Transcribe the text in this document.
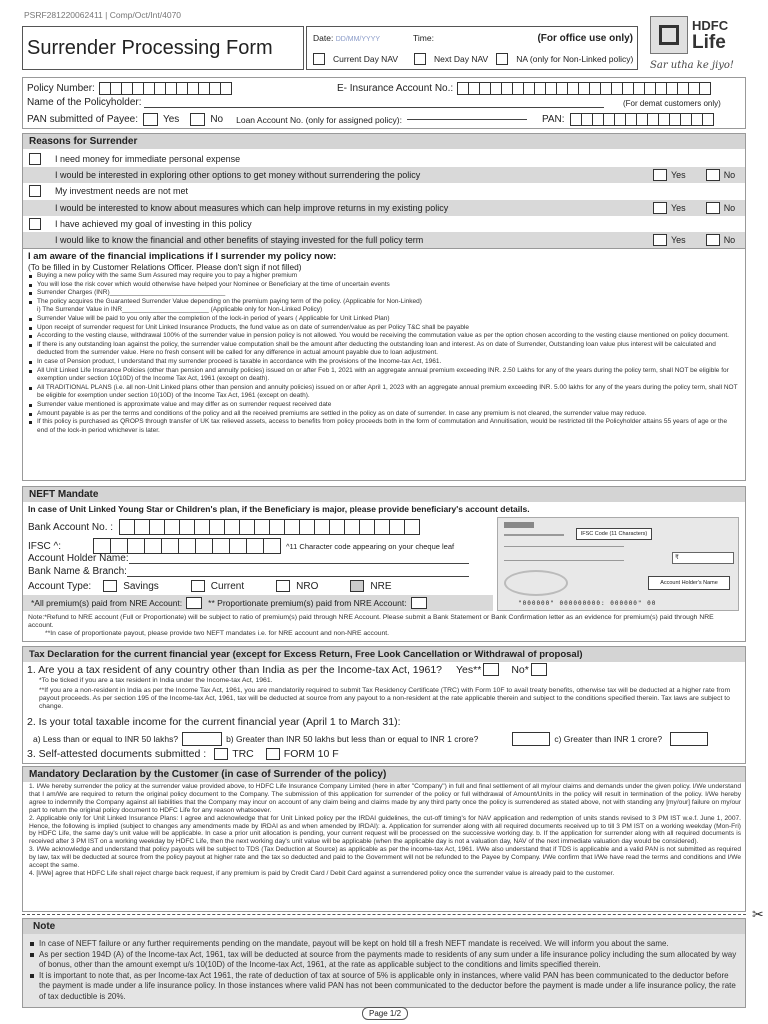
PSRF281220062411 | Comp/Oct/Int/4070
Surrender Processing Form	Date: DD/MM/YYYY	Time:	(For office use only)
Current Day NAV	Next Day NAV	NA (only for Non-Linked policy)
HDFC
Life
Sar utha ke jiyo!
Policy Number:	E- Insurance Account No.:
Name of the Policyholder:	(For demat customers only)
PAN submitted of Payee:	Yes	No Loan Account No. (only for assigned policy):	PAN:
Reasons for Surrender
I need money for immediate personal expense
I would be interested in exploring other options to get money without surrendering the policy	Yes	No
My investment needs are not met
I would be interested to know about measures which can help improve returns in my existing policy	Yes	No
I have achieved my goal of investing in this policy
I would like to know the financial and other benefits of staying invested for the full policy term	Yes	No
I am aware of the financial implications if I surrender my policy now:
(To be filled in by Customer Relations Officer. Please don't sign if not filled)
Buying a new policy with the same Sum Assured may require you to pay a higher premium
You will lose the risk cover which would otherwise have helped your Nominee or Beneficiary at the time of uncertain events
Surrender Charges (INR)________________________________
The policy acquires the Guaranteed Surrender Value depending on the premium paying term of the policy. (Applicable for Non-Linked)
i) The Surrender Value in INR________________________ (Applicable only for Non-Linked Policy)
Surrender Value will be paid to you only after the completion of the lock-in period of years ( Applicable for Unit Linked Plan)
Upon receipt of surrender request for Unit Linked Insurance Products, the fund value as on date of surrender/value as per Policy T&C shall be payable
According to the vesting clause, withdrawal 100% of the surrender value in pension policy is not allowed. You would be receiving the commutation value as per the option chosen according to the vesting clause mentioned on policy document.
If there is any outstanding loan against the policy, the surrender value computation shall be the amount after deducting the outstanding loan and interest. As on date of Surrender, Outstanding loan value plus interest will be calculated and deducted from the surrender value. Here no fresh consent will be called for any difference in actual amount payable due to loan adjustment.
In case of Pension product, I understand that my surrender proceed is taxable in accordance with the provisions of the Income-tax Act, 1961.
All Unit Linked Life Insurance Policies (other than pension and annuity policies) issued on or after Feb 1, 2021 with an aggregate annual premium exceeding INR. 2.50 Lakhs for any of the years during the policy term, shall NOT be eligible for exemption under section 10(10D) of the Income Tax Act, 1961 (except on death).
All TRADITIONAL PLANS (i.e. all non-Unit Linked plans other than pension and annuity policies) issued on or after April 1, 2023 with an aggregate annual premium exceeding INR. 5.00 lakhs for any of the years during the policy term, shall NOT be eligible for exemption under section 10(10D) of the Income Tax Act, 1961 (except on death).
Surrender value mentioned is approximate value and may differ as on surrender request received date
Amount payable is as per the terms and conditions of the policy and all the received premiums are settled in the policy as on date of surrender. In case any premium is not cleared, the surrender value may reduce.
If this policy is purchased as QROPS through transfer of UK tax relieved assets, access to benefits from policy proceeds both in the form of commutation and Annuitisation, would be restricted till the Policyholder attains 55 years of age or the end of the lock-in period whichever is later.
NEFT Mandate
In case of Unit Linked Young Star or Children's plan, if the Beneficiary is major, please provide beneficiary's account details.
Bank Account No. :
IFSC ^:	^11 Character code appearing on your cheque leaf
Account Holder Name:
Bank Name & Branch:
Account Type:	Savings	Current	NRO	NRE
*All premium(s) paid from NRE Account:	** Proportionate premium(s) paid from NRE Account:
Note:*Refund to NRE account (Full or Proportionate) will be subject to ratio of premium(s) paid through NRE Account. Please submit a Bank Statement or Bank Confirmation letter as an evidence for premium(s) paid through NRE account.
**In case of proportionate payout, please provide two NEFT mandates i.e. for NRE account and non-NRE account.
IFSC Code (11 Characters)
₹
Account Holder's Name
"000000" 000000000: 000000" 00
Tax Declaration for the current financial year (except for Excess Return, Free Look Cancellation or Withdrawal of proposal)
1. Are you a tax resident of any country other than India as per the Income-tax Act, 1961? Yes**	No*
*To be ticked if you are a tax resident in India under the Income-tax Act, 1961.
**If you are a non-resident in India as per the Income Tax Act, 1961, you are mandatorily required to submit Tax Residency Certificate (TRC) with Form 10F to avail treaty benefits, otherwise tax will be deducted at a higher rate from payout proceeds. As per section 195 of the Income-tax Act, 1961, tax will be deducted at source from any payout to a non-resident at the rate applicable therein and subject to the conditions specified therein. Tax laws are subject to change.
2. Is your total taxable income for the current financial year (April 1 to March 31):
a) Less than or equal to INR 50 lakhs?	b) Greater than INR 50 lakhs but less than or equal to INR 1 crore?	c) Greater than INR 1 crore?
3. Self-attested documents submitted : TRC	FORM 10 F
Mandatory Declaration by the Customer (in case of Surrender of the policy)
1. I/We hereby surrender the policy at the surrender value provided above, to HDFC Life Insurance Company Limited (here in after "Company") in full and final settlement of all my/our claims and demands under the given policy. I/We understand that I am/We are required to return the original policy document to the Company. The submission of this application for surrender of the policy or full withdrawal of Amount/Units in the policy will result in termination of the policy. I/We hereby agree to indemnify the Company against all liabilities that the Company may incur on account of any claim being and claims made by any third party once the policy is surrendered as stated above, not with standing any [my/our] failure on my/our part to return the original policy document to HDFC Life for any reason whatsoever.
2. Applicable only for Unit Linked Insurance Plans: I agree and acknowledge that for Unit Linked policy per the IRDAI guidelines, the cut-off timing's for NAV application and redemption of units stands revised to 3 PM IST w.e.f. June 1, 2007. Hence, the following is implied (subject to changes any amendments made by IRDAI as and when amended by IRDAI): a. Application for surrender along with all required documents received up to till 3 PM IST on a working weekday (Mon-Fri) by HDFC Life, the same day's unit value will be applicable. In case a prior unit allocation is pending, your current request will be processed on the successive working day. b. If the application for surrender along with all required documents is received after 3 PM IST on a working weekday by HDFC Life, then the next working day's unit value will be applicable (when the applicable day is not a valuation day, NAV of the next immediate valuation day would be considered).
3. I/We acknowledge and understand that policy payouts will be subject to TDS (Tax Deduction at Source) as applicable as per the income-tax Act, 1961. I/We also understand that if TDS is applicable and a valid PAN is not submitted as required by law, tax will be deducted at source from the policy payout at higher rate and the tax so deducted and paid to the Government will not be refunded to the Payee by Company. I/We confirm that I/We have read the terms and conditions and I/We accept the same.
4. [I/We] agree that HDFC Life shall reject charge back request, if any premium is paid by Credit Card / Debit Card against a surrendered policy once the surrender value is already paid to the customer.
✂
Note
In case of NEFT failure or any further requirements pending on the mandate, payout will be kept on hold till a fresh NEFT mandate is received. We will inform you about the same.
As per section 194D (A) of the Income-tax Act, 1961, tax will be deducted at source from the payments made to residents of any sum under a life insurance policy including the sum allocated by way of bonus, other than the amount exempt u/s 10(10D) of the Income-tax Act, 1961, at the rate as applicable subject to the conditions and limits specified therein.
It is important to note that, as per Income-tax Act 1961, the rate of deduction of tax at source of 5% is applicable only in instances, where valid PAN has been communicated to the deductor before the payment is made under a life insurance policy. In those instances where valid PAN has not been communicated to the deductor before the payment is made under a life insurance policy, the rate of tax deductible is 20%.
Page 1/2
